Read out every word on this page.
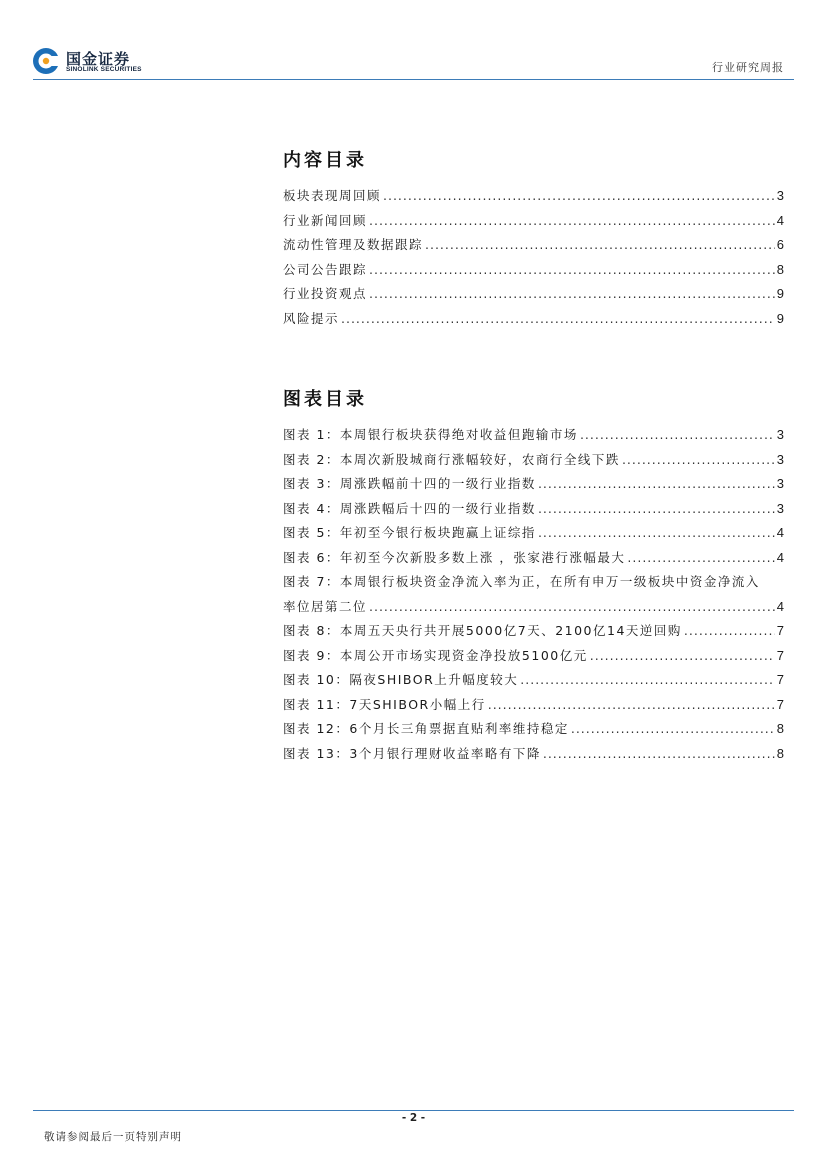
国金证券
SINOLINK SECURITIES	行业研究周报
内容目录
板块表现周回顾 .....	3
行业新闻回顾 .....	4
流动性管理及数据跟踪 .....	6
公司公告跟踪 .....	8
行业投资观点 .....	9
风险提示 .....	9
图表目录
图表 1：本周银行板块获得绝对收益但跑输市场 .....	3
图表 2：本周次新股城商行涨幅较好，农商行全线下跌 .....	3
图表 3：周涨跌幅前十四的一级行业指数 .....	3
图表 4：周涨跌幅后十四的一级行业指数 .....	3
图表 5：年初至今银行板块跑赢上证综指 .....	4
图表 6：年初至今次新股多数上涨 ，张家港行涨幅最大 .....	4
图表 7：本周银行板块资金净流入率为正，在所有申万一级板块中资金净流入
率位居第二位 .....	4
图表 8：本周五天央行共开展5000亿7天、2100亿14天逆回购 .....	7
图表 9：本周公开市场实现资金净投放5100亿元 .....	7
图表 10：隔夜SHIBOR上升幅度较大 .....	7
图表 11：7天SHIBOR小幅上行 .....	7
图表 12：6个月长三角票据直贴利率维持稳定 .....	8
图表 13：3个月银行理财收益率略有下降 .....	8
- 2 -
敬请参阅最后一页特别声明
